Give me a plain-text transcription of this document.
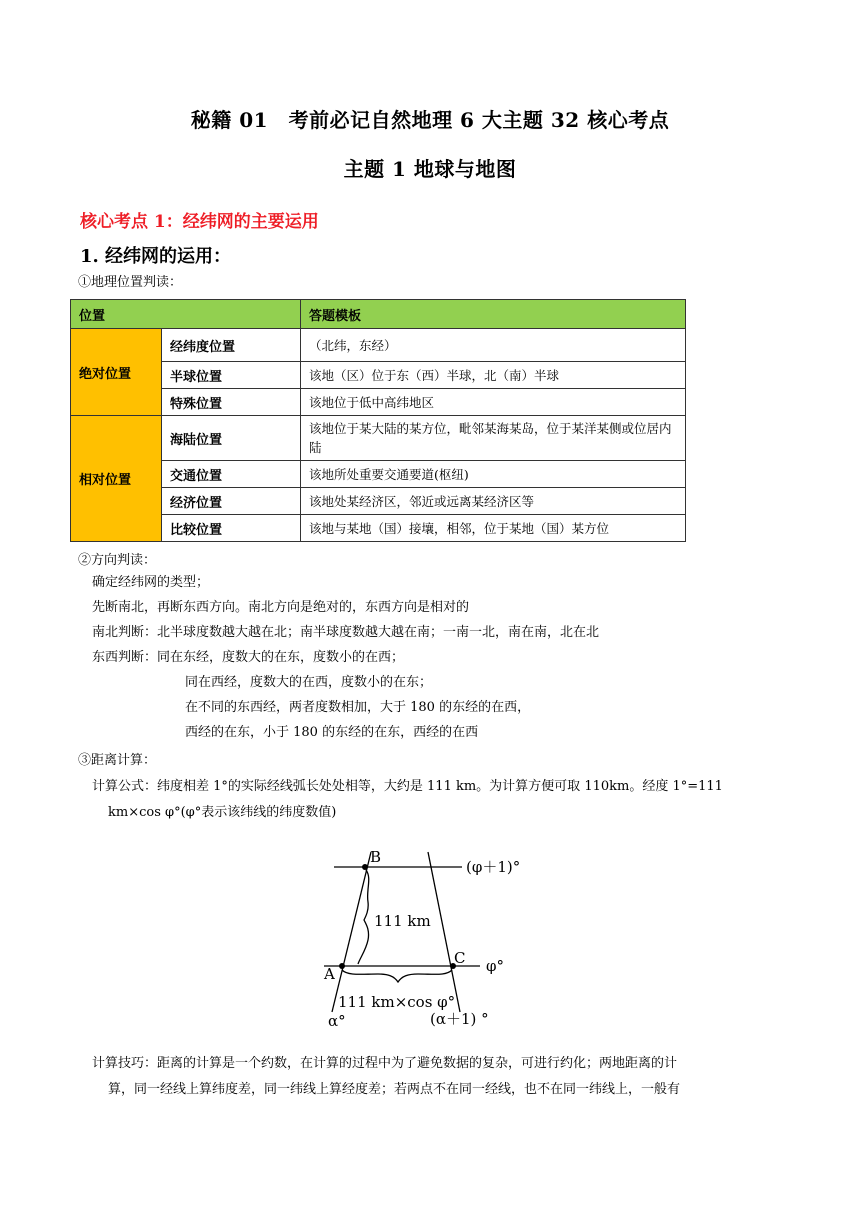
秘籍 01　考前必记自然地理 6 大主题 32 核心考点
主题 1 地球与地图
核心考点 1：经纬网的主要运用
1. 经纬网的运用：
①地理位置判读：
位置		答题模板
绝对位置	经纬度位置	（北纬，东经）
	半球位置	该地（区）位于东（西）半球，北（南）半球
	特殊位置	该地位于低中高纬地区
相对位置	海陆位置	该地位于某大陆的某方位，毗邻某海某岛，位于某洋某侧或位居内陆
	交通位置	该地所处重要交通要道(枢纽)
	经济位置	该地处某经济区，邻近或远离某经济区等
	比较位置	该地与某地（国）接壤，相邻，位于某地（国）某方位
②方向判读：
确定经纬网的类型；
先断南北，再断东西方向。南北方向是绝对的，东西方向是相对的
南北判断：北半球度数越大越在北；南半球度数越大越在南；一南一北，南在南，北在北
东西判断：同在东经，度数大的在东，度数小的在西；
同在西经，度数大的在西，度数小的在东；
在不同的东西经，两者度数相加，大于 180 的东经的在西，
西经的在东，小于 180 的东经的在东，西经的在西
③距离计算：
计算公式：纬度相差 1°的实际经线弧长处处相等，大约是 111 km。为计算方便可取 110km。经度 1°=111
km×cos φ°(φ°表示该纬线的纬度数值)
B
A
C
(φ＋1)°
φ°
111 km
111 km×cos φ°
α°	(α＋1) °
计算技巧：距离的计算是一个约数，在计算的过程中为了避免数据的复杂，可进行约化；两地距离的计
算，同一经线上算纬度差，同一纬线上算经度差；若两点不在同一经线，也不在同一纬线上，一般有
